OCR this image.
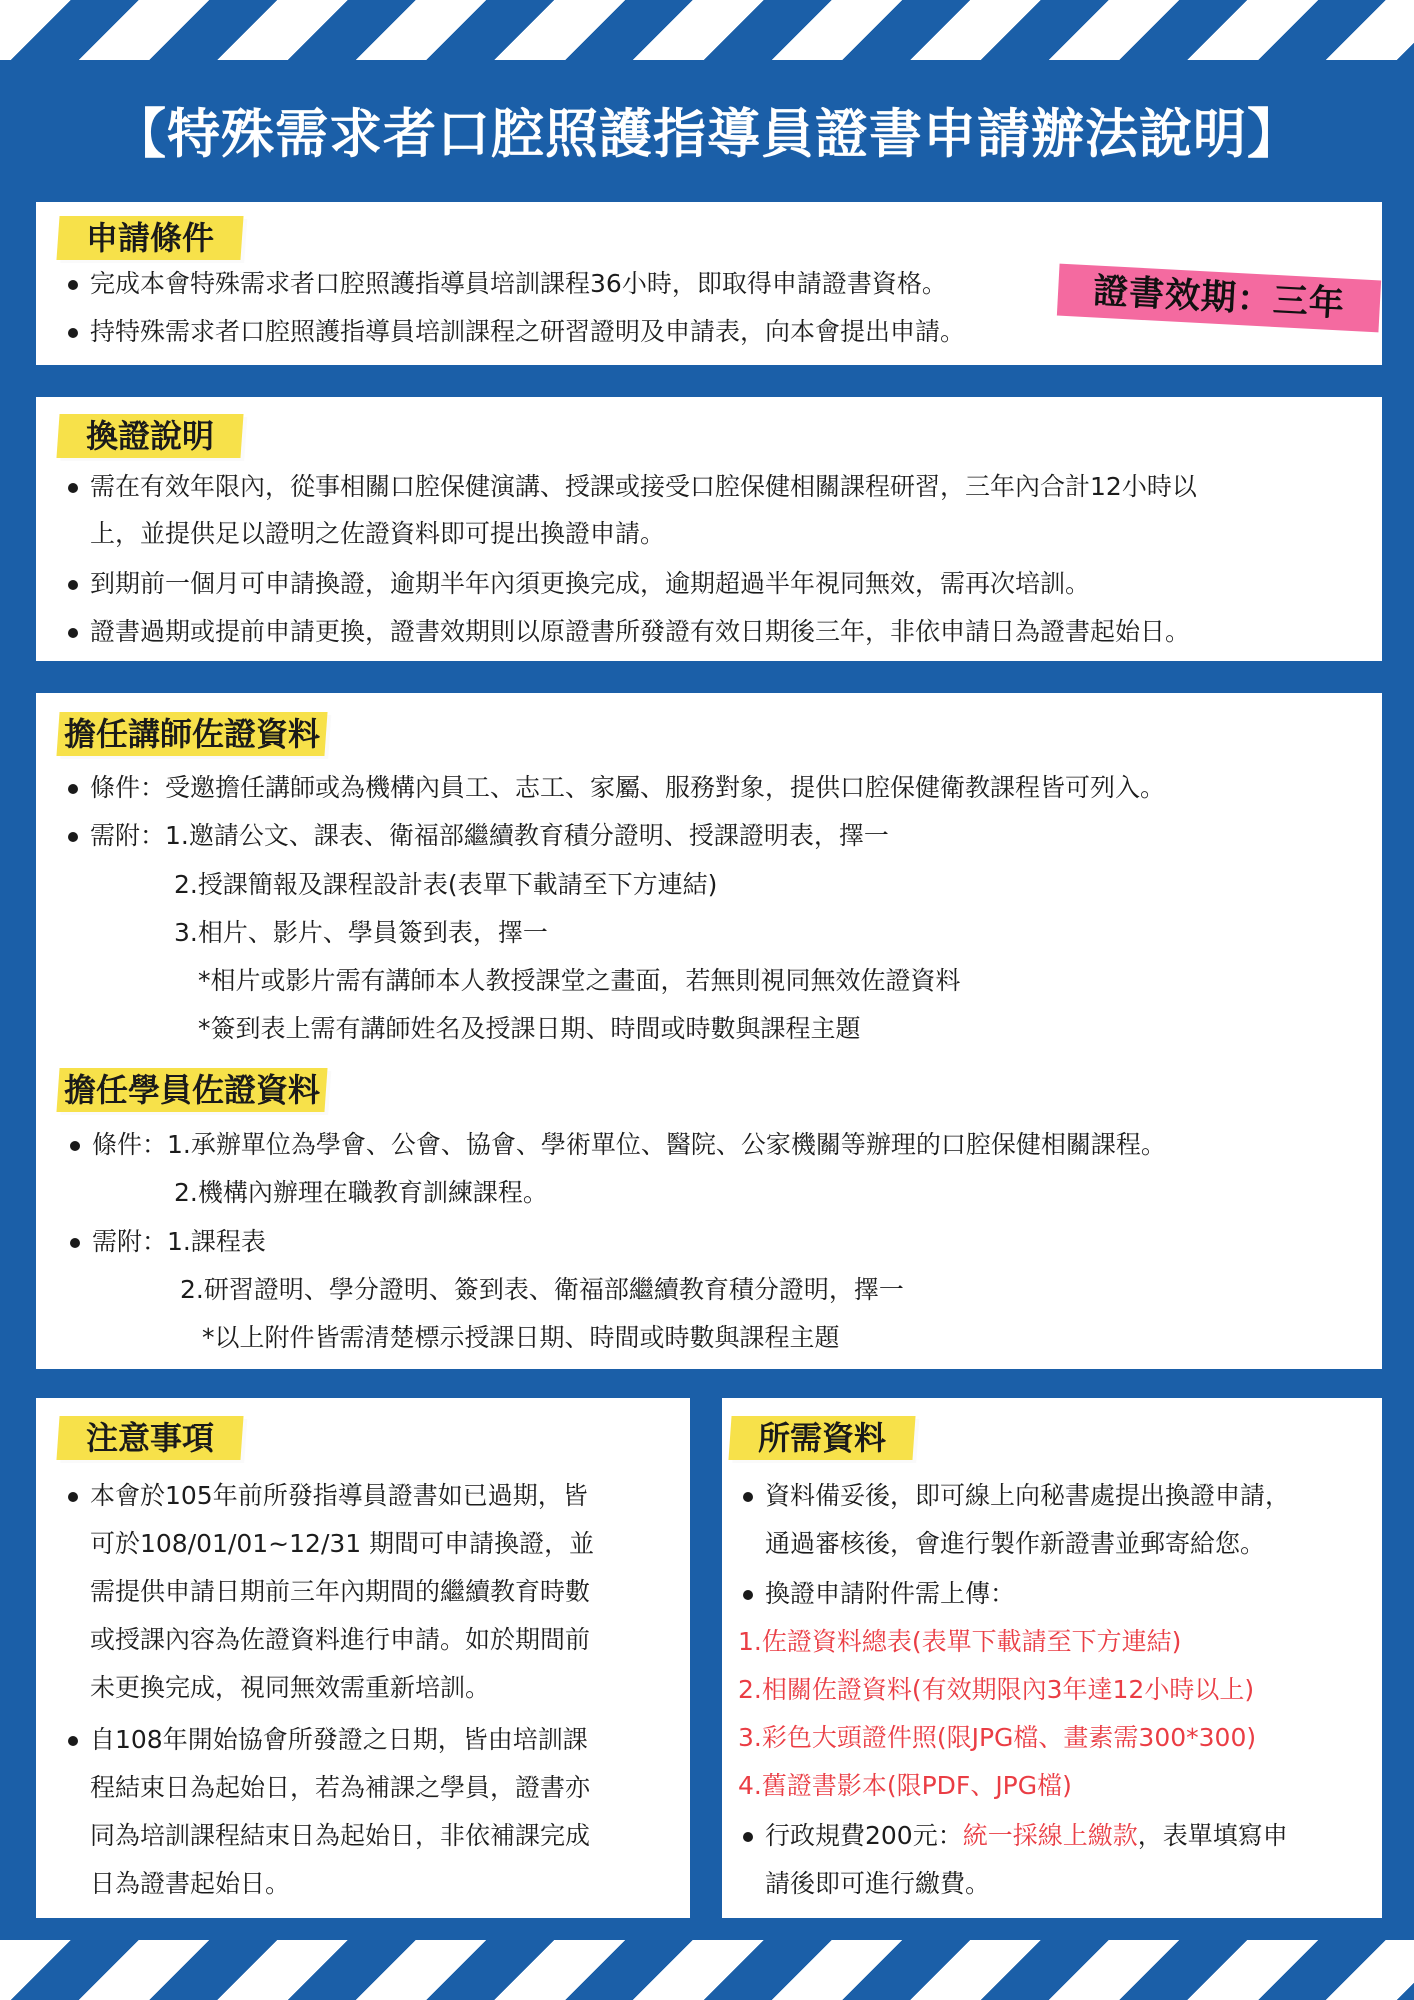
【特殊需求者口腔照護指導員證書申請辦法說明】
申請條件
完成本會特殊需求者口腔照護指導員培訓課程36小時，即取得申請證書資格。
持特殊需求者口腔照護指導員培訓課程之研習證明及申請表，向本會提出申請。
證書效期：三年
換證說明
需在有效年限內，從事相關口腔保健演講、授課或接受口腔保健相關課程研習，三年內合計12小時以
上，並提供足以證明之佐證資料即可提出換證申請。
到期前一個月可申請換證，逾期半年內須更換完成，逾期超過半年視同無效，需再次培訓。
證書過期或提前申請更換，證書效期則以原證書所發證有效日期後三年，非依申請日為證書起始日。
擔任講師佐證資料
條件：受邀擔任講師或為機構內員工、志工、家屬、服務對象，提供口腔保健衛教課程皆可列入。
需附：1.邀請公文、課表、衛福部繼續教育積分證明、授課證明表，擇一
2.授課簡報及課程設計表(表單下載請至下方連結)
3.相片、影片、學員簽到表，擇一
*相片或影片需有講師本人教授課堂之畫面，若無則視同無效佐證資料
*簽到表上需有講師姓名及授課日期、時間或時數與課程主題
擔任學員佐證資料
條件：1.承辦單位為學會、公會、協會、學術單位、醫院、公家機關等辦理的口腔保健相關課程。
2.機構內辦理在職教育訓練課程。
需附：1.課程表
2.研習證明、學分證明、簽到表、衛福部繼續教育積分證明，擇一
*以上附件皆需清楚標示授課日期、時間或時數與課程主題
注意事項
本會於105年前所發指導員證書如已過期，皆
可於108/01/01~12/31 期間可申請換證，並
需提供申請日期前三年內期間的繼續教育時數
或授課內容為佐證資料進行申請。如於期間前
未更換完成，視同無效需重新培訓。
自108年開始協會所發證之日期，皆由培訓課
程結束日為起始日，若為補課之學員，證書亦
同為培訓課程結束日為起始日，非依補課完成
日為證書起始日。
所需資料
資料備妥後，即可線上向秘書處提出換證申請，
通過審核後，會進行製作新證書並郵寄給您。
換證申請附件需上傳：
1.佐證資料總表(表單下載請至下方連結)
2.相關佐證資料(有效期限內3年達12小時以上)
3.彩色大頭證件照(限JPG檔、畫素需300*300)
4.舊證書影本(限PDF、JPG檔)
行政規費200元：統一採線上繳款，表單填寫申
請後即可進行繳費。
